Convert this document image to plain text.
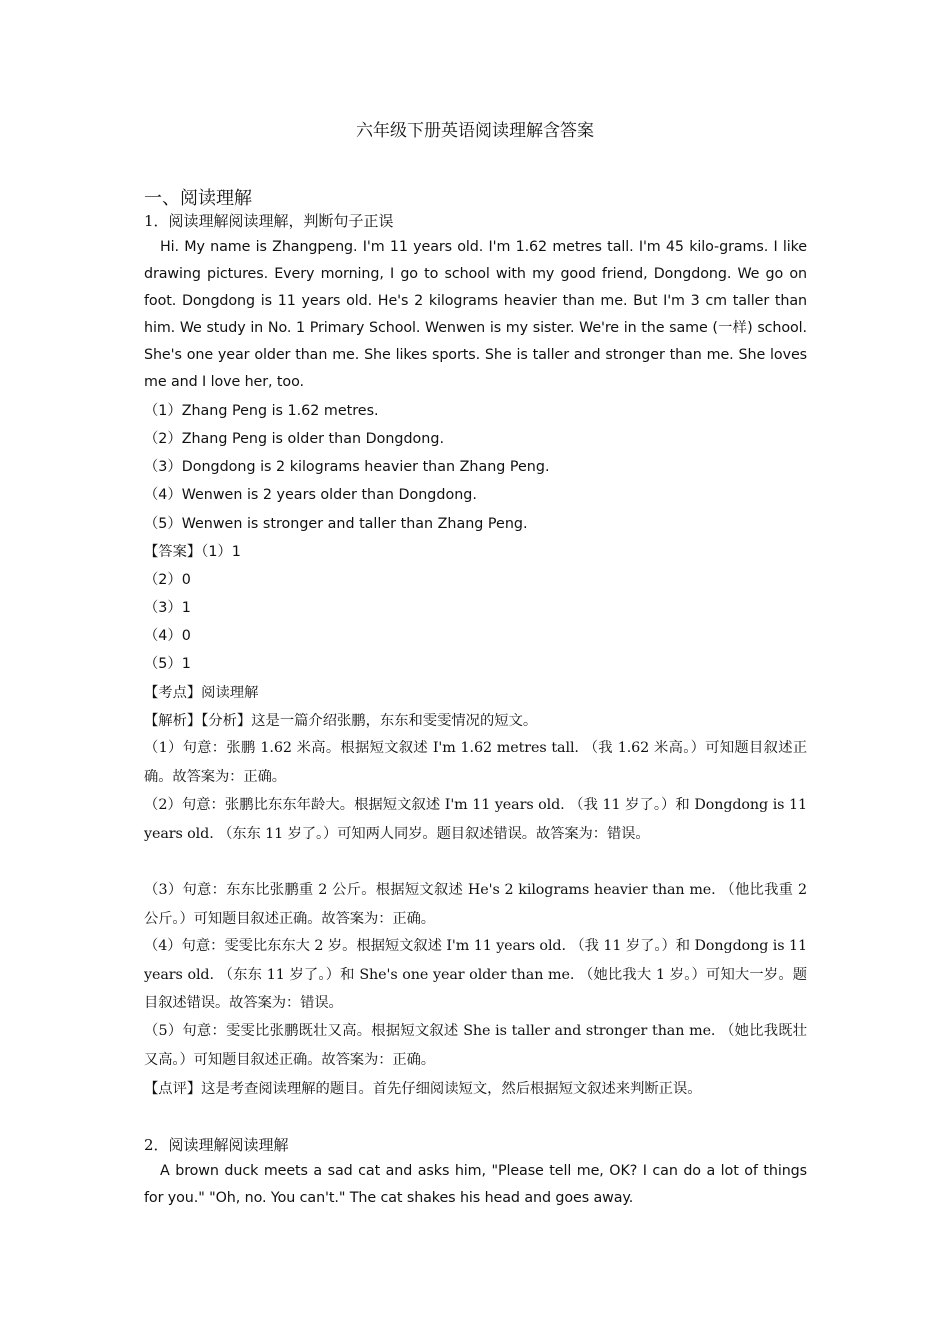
六年级下册英语阅读理解含答案
一、阅读理解
1．阅读理解阅读理解，判断句子正误
Hi. My name is Zhangpeng. I'm 11 years old. I'm 1.62 metres tall. I'm 45 kilo-grams. I like drawing pictures. Every morning, I go to school with my good friend, Dongdong. We go on foot. Dongdong is 11 years old. He's 2 kilograms heavier than me. But I'm 3 cm taller than him. We study in No. 1 Primary School. Wenwen is my sister. We're in the same (一样) school. She's one year older than me. She likes sports. She is taller and stronger than me. She loves me and I love her, too.
（1）Zhang Peng is 1.62 metres.
（2）Zhang Peng is older than Dongdong.
（3）Dongdong is 2 kilograms heavier than Zhang Peng.
（4）Wenwen is 2 years older than Dongdong.
（5）Wenwen is stronger and taller than Zhang Peng.
【答案】（1）1
（2）0
（3）1
（4）0
（5）1
【考点】阅读理解
【解析】【分析】这是一篇介绍张鹏，东东和雯雯情况的短文。
（1）句意：张鹏 1.62 米高。根据短文叙述 I'm 1.62 metres tall. （我 1.62 米高。）可知题目叙述正确。故答案为：正确。
（2）句意：张鹏比东东年龄大。根据短文叙述 I'm 11 years old. （我 11 岁了。）和 Dongdong is 11 years old. （东东 11 岁了。）可知两人同岁。题目叙述错误。故答案为：错误。
（3）句意：东东比张鹏重 2 公斤。根据短文叙述 He's 2 kilograms heavier than me. （他比我重 2 公斤。）可知题目叙述正确。故答案为：正确。
（4）句意：雯雯比东东大 2 岁。根据短文叙述 I'm 11 years old. （我 11 岁了。）和 Dongdong is 11 years old. （东东 11 岁了。）和 She's one year older than me. （她比我大 1 岁。）可知大一岁。题目叙述错误。故答案为：错误。
（5）句意：雯雯比张鹏既壮又高。根据短文叙述 She is taller and stronger than me. （她比我既壮又高。）可知题目叙述正确。故答案为：正确。
【点评】这是考查阅读理解的题目。首先仔细阅读短文，然后根据短文叙述来判断正误。
2．阅读理解阅读理解
A brown duck meets a sad cat and asks him, "Please tell me, OK? I can do a lot of things for you." "Oh, no. You can't." The cat shakes his head and goes away.
